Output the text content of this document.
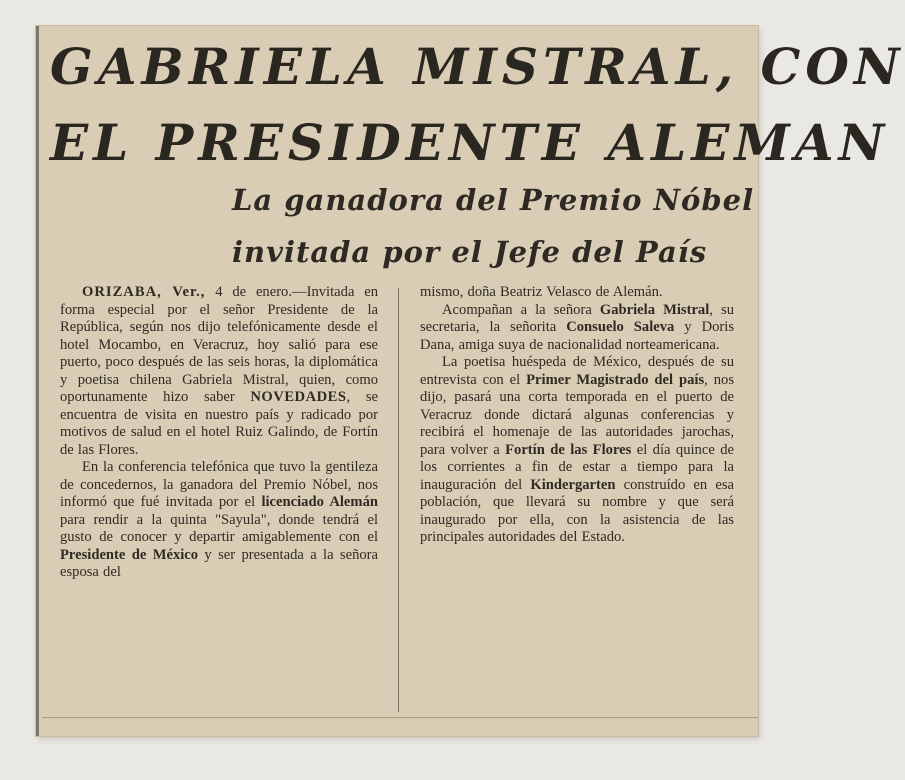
GABRIELA MISTRAL, CON
EL PRESIDENTE ALEMAN
La ganadora del Premio Nóbel
invitada por el Jefe del País

ORIZABA, Ver., 4 de enero.—Invitada en forma especial por el señor Presidente de la República, según nos dijo telefónicamente desde el hotel Mocambo, en Veracruz, hoy salió para ese puerto, poco después de las seis horas, la diplomática y poetisa chilena Gabriela Mistral, quien, como oportunamente hizo saber NOVEDADES, se encuentra de visita en nuestro país y radicado por motivos de salud en el hotel Ruiz Galindo, de Fortín de las Flores.

En la conferencia telefónica que tuvo la gentileza de concedernos, la ganadora del Premio Nóbel, nos informó que fué invitada por el licenciado Alemán para rendir a la quinta "Sayula", donde tendrá el gusto de conocer y departir amigablemente con el Presidente de México y ser presentada a la señora esposa del

mismo, doña Beatriz Velasco de Alemán.

Acompañan a la señora Gabriela Mistral, su secretaria, la señorita Consuelo Saleva y Doris Dana, amiga suya de nacionalidad norteamericana.

La poetisa huéspeda de México, después de su entrevista con el Primer Magistrado del país, nos dijo, pasará una corta temporada en el puerto de Veracruz donde dictará algunas conferencias y recibirá el homenaje de las autoridades jarochas, para volver a Fortín de las Flores el día quince de los corrientes a fin de estar a tiempo para la inauguración del Kindergarten construído en esa población, que llevará su nombre y que será inaugurado por ella, con la asistencia de las principales autoridades del Estado.
